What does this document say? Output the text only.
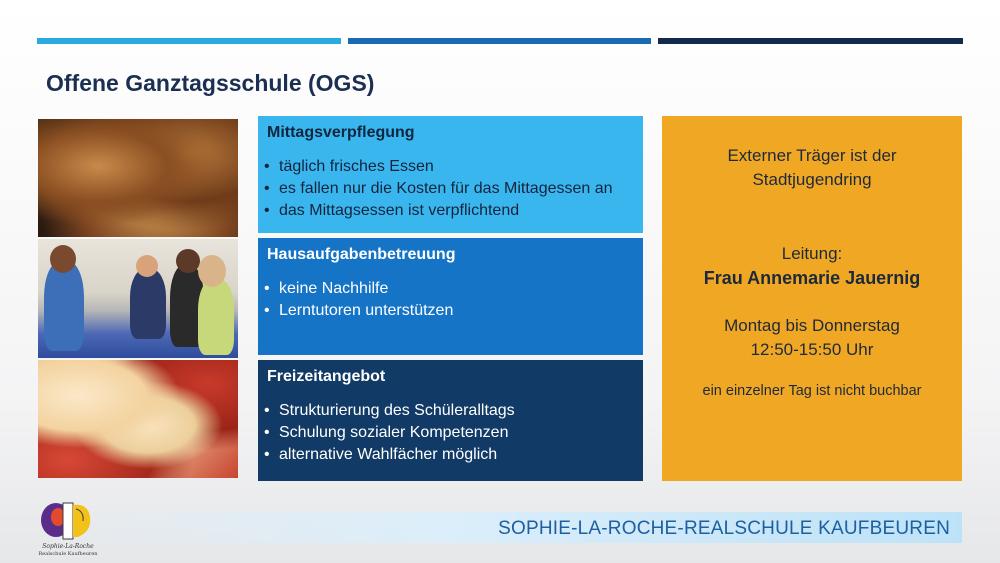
Offene Ganztagsschule (OGS)
Mittagsverpflegung
• täglich frisches Essen
• es fallen nur die Kosten für das Mittagessen an
• das Mittagsessen ist verpflichtend
Hausaufgabenbetreuung
• keine Nachhilfe
• Lerntutoren unterstützen
Freizeitangebot
• Strukturierung des Schüleralltags
• Schulung sozialer Kompetenzen
• alternative Wahlfächer möglich
Externer Träger ist der
Stadtjugendring
Leitung:
Frau Annemarie Jauernig
Montag bis Donnerstag
12:50-15:50 Uhr
ein einzelner Tag ist nicht buchbar
SOPHIE-LA-ROCHE-REALSCHULE KAUFBEUREN
Sophie-La-Roche
Realschule Kaufbeuren
